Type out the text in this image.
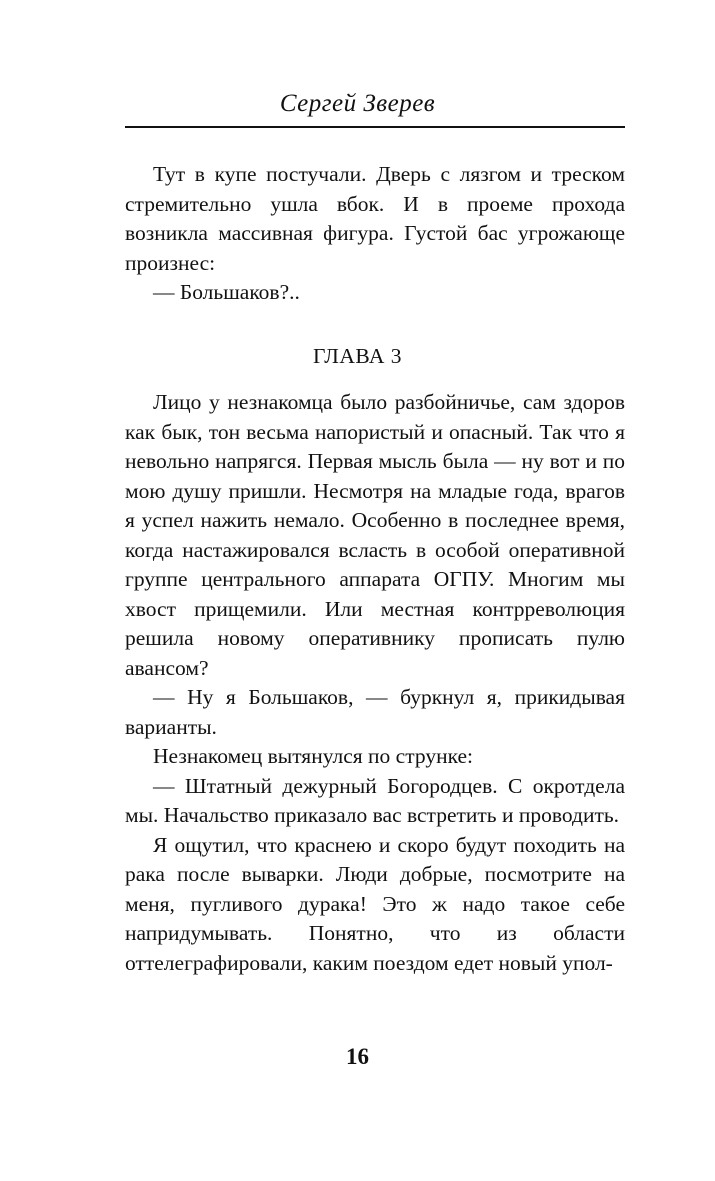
Сергей Зверев

Тут в купе постучали. Дверь с лязгом и треском стремительно ушла вбок. И в проеме прохода возникла массивная фигура. Густой бас угрожающе произнес:

— Большаков?..

ГЛАВА 3

Лицо у незнакомца было разбойничье, сам здоров как бык, тон весьма напористый и опасный. Так что я невольно напрягся. Первая мысль была — ну вот и по мою душу пришли. Несмотря на младые года, врагов я успел нажить немало. Особенно в последнее время, когда настажировался всласть в особой оперативной группе центрального аппарата ОГПУ. Многим мы хвост прищемили. Или местная контрреволюция решила новому оперативнику прописать пулю авансом?

— Ну я Большаков, — буркнул я, прикидывая варианты.

Незнакомец вытянулся по струнке:

— Штатный дежурный Богородцев. С окротдела мы. Начальство приказало вас встретить и проводить.

Я ощутил, что краснею и скоро будут походить на рака после выварки. Люди добрые, посмотрите на меня, пугливого дурака! Это ж надо такое себе напридумывать. Понятно, что из области оттелеграфировали, каким поездом едет новый упол-

16
